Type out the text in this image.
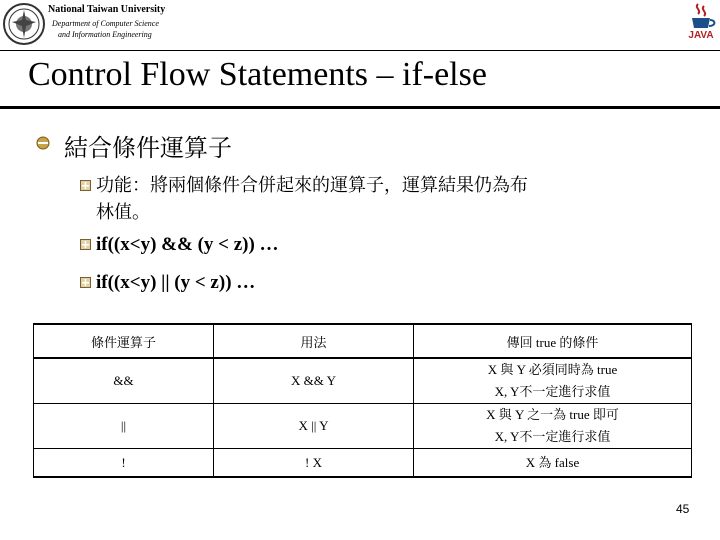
National Taiwan University
Department of Computer Science
and Information Engineering	JAVA
Control Flow Statements – if-else
結合條件運算子
功能：將兩個條件合併起來的運算子，運算結果仍為布
林值。
if((x<y) && (y < z)) …
if((x<y) || (y < z)) …
條件運算子	用法	傳回 true 的條件
&&	X && Y	X 與 Y 必須同時為 true
X, Y不一定進行求值

||	X || Y	X 與 Y 之一為 true 即可
X, Y不一定進行求值

!	! X	X 為 false
45
